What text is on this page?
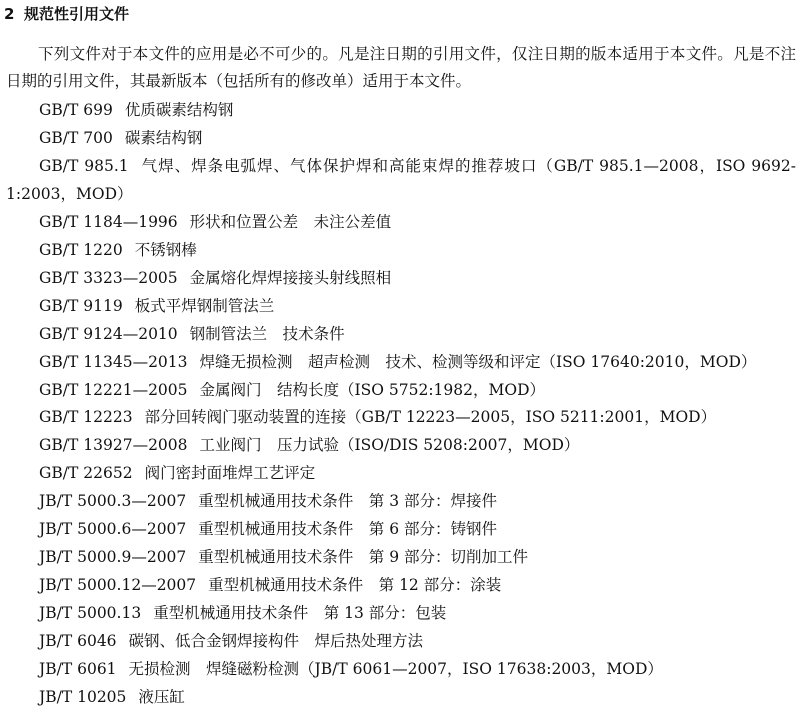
2 规范性引用文件
下列文件对于本文件的应用是必不可少的。凡是注日期的引用文件，仅注日期的版本适用于本文件。凡是不注日期的引用文件，其最新版本（包括所有的修改单）适用于本文件。
GB/T 699 优质碳素结构钢
GB/T 700 碳素结构钢
GB/T 985.1 气焊、焊条电弧焊、气体保护焊和高能束焊的推荐坡口（GB/T 985.1—2008，ISO 9692-1:2003，MOD）
GB/T 1184—1996 形状和位置公差　未注公差值
GB/T 1220 不锈钢棒
GB/T 3323—2005 金属熔化焊焊接接头射线照相
GB/T 9119 板式平焊钢制管法兰
GB/T 9124—2010 钢制管法兰　技术条件
GB/T 11345—2013 焊缝无损检测　超声检测　技术、检测等级和评定（ISO 17640:2010，MOD）
GB/T 12221—2005 金属阀门　结构长度（ISO 5752:1982，MOD）
GB/T 12223 部分回转阀门驱动装置的连接（GB/T 12223—2005，ISO 5211:2001，MOD）
GB/T 13927—2008 工业阀门　压力试验（ISO/DIS 5208:2007，MOD）
GB/T 22652 阀门密封面堆焊工艺评定
JB/T 5000.3—2007 重型机械通用技术条件　第 3 部分：焊接件
JB/T 5000.6—2007 重型机械通用技术条件　第 6 部分：铸钢件
JB/T 5000.9—2007 重型机械通用技术条件　第 9 部分：切削加工件
JB/T 5000.12—2007 重型机械通用技术条件　第 12 部分：涂装
JB/T 5000.13 重型机械通用技术条件　第 13 部分：包装
JB/T 6046 碳钢、低合金钢焊接构件　焊后热处理方法
JB/T 6061 无损检测　焊缝磁粉检测（JB/T 6061—2007，ISO 17638:2003，MOD）
JB/T 10205 液压缸
